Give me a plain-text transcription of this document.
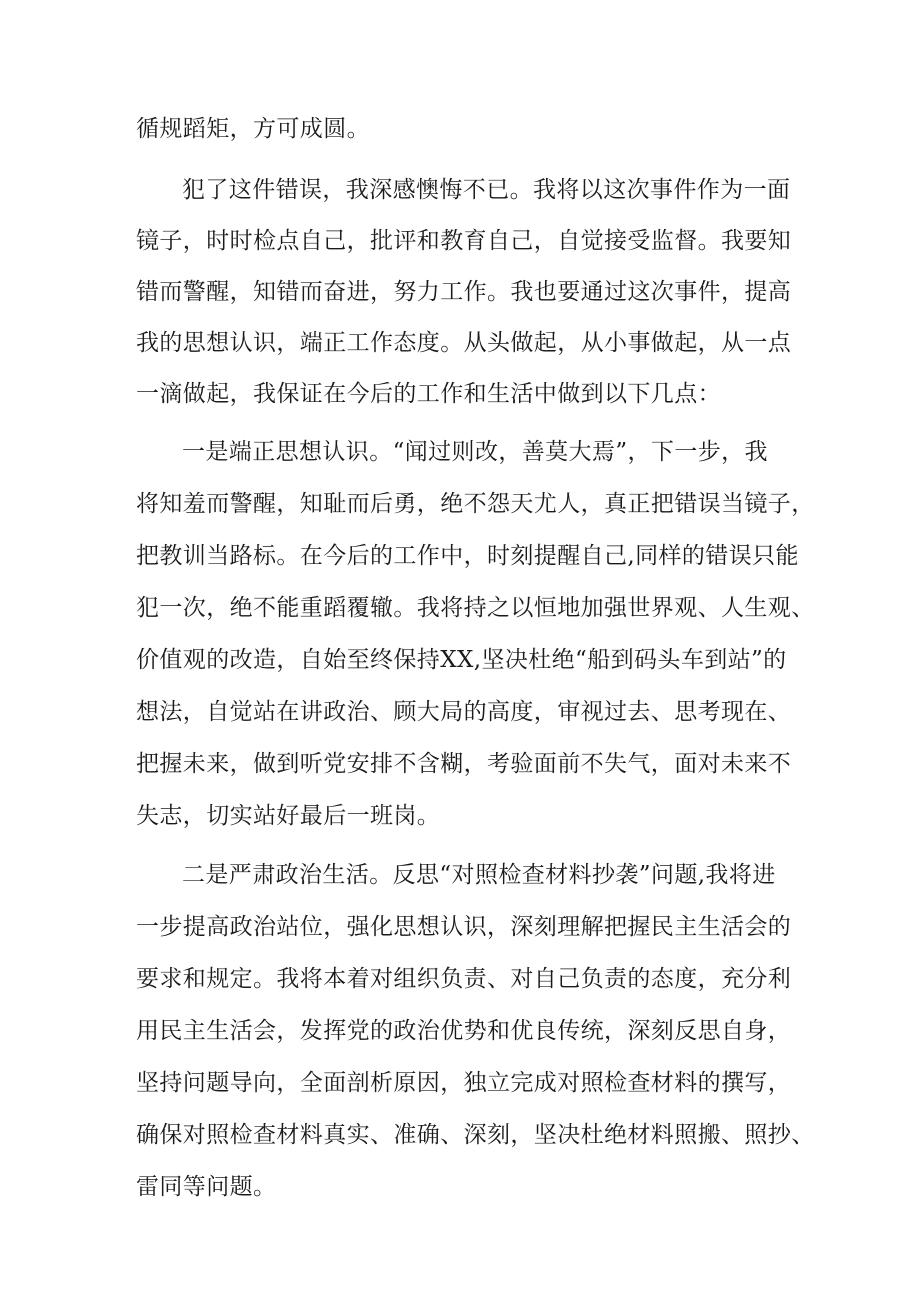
循规蹈矩，方可成圆。
犯了这件错误，我深感懊悔不已。我将以这次事件作为一面
镜子，时时检点自己，批评和教育自己，自觉接受监督。我要知
错而警醒，知错而奋进，努力工作。我也要通过这次事件，提高
我的思想认识，端正工作态度。从头做起，从小事做起，从一点
一滴做起，我保证在今后的工作和生活中做到以下几点：
一是端正思想认识。“闻过则改，善莫大焉”，下一步，我
将知羞而警醒，知耻而后勇，绝不怨天尤人，真正把错误当镜子，
把教训当路标。在今后的工作中，时刻提醒自己,同样的错误只能
犯一次，绝不能重蹈覆辙。我将持之以恒地加强世界观、人生观、
价值观的改造，自始至终保持XX,坚决杜绝“船到码头车到站”的
想法，自觉站在讲政治、顾大局的高度，审视过去、思考现在、
把握未来，做到听党安排不含糊，考验面前不失气，面对未来不
失志，切实站好最后一班岗。
二是严肃政治生活。反思“对照检查材料抄袭”问题,我将进
一步提高政治站位，强化思想认识，深刻理解把握民主生活会的
要求和规定。我将本着对组织负责、对自己负责的态度，充分利
用民主生活会，发挥党的政治优势和优良传统，深刻反思自身，
坚持问题导向，全面剖析原因，独立完成对照检查材料的撰写，
确保对照检查材料真实、准确、深刻，坚决杜绝材料照搬、照抄、
雷同等问题。
